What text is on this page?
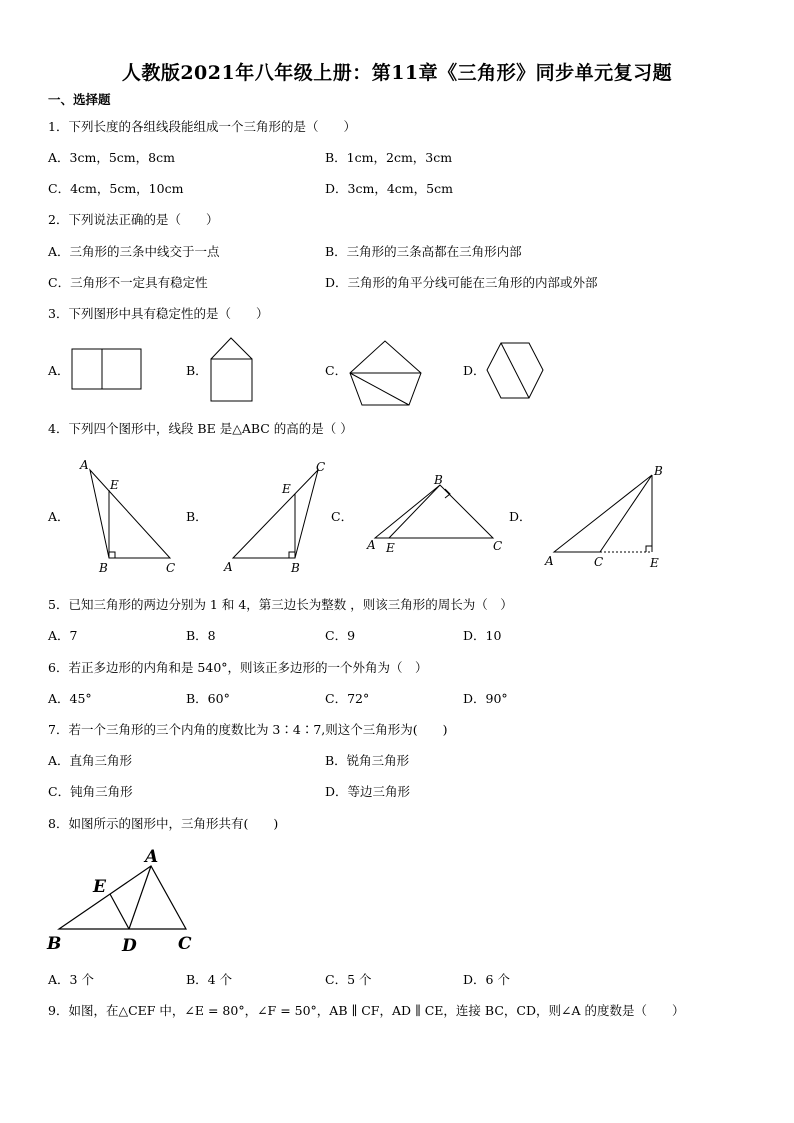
人教版2021年八年级上册：第11章《三角形》同步单元复习题
一、选择题
1．下列长度的各组线段能组成一个三角形的是（　　）
A．3cm，5cm，8cm	B．1cm，2cm，3cm
C．4cm，5cm，10cm	D．3cm，4cm，5cm
2．下列说法正确的是（　　）
A．三角形的三条中线交于一点	B．三角形的三条高都在三角形内部
C．三角形不一定具有稳定性	D．三角形的角平分线可能在三角形的内部或外部
3．下列图形中具有稳定性的是（　　）
A．	B．	C．	D．
4．下列四个图形中，线段 BE 是△ABC 的高的是（ ）
A．	B．	C．	D．
A
E
B	C
C
E
A	B
B
A E	C
B
A	C	E
5．已知三角形的两边分别为 1 和 4，第三边长为整数 ，则该三角形的周长为（　）
A．7	B．8	C．9	D．10
6．若正多边形的内角和是 540°，则该正多边形的一个外角为（　）
A．45°	B．60°	C．72°	D．90°
7．若一个三角形的三个内角的度数比为 3∶4∶7,则这个三角形为(　　)
A．直角三角形	B．锐角三角形
C．钝角三角形	D．等边三角形
8．如图所示的图形中，三角形共有(　　)
A
E
B	D C
A．3 个	B．4 个	C．5 个	D．6 个
9．如图，在△CEF 中，∠E = 80°，∠F = 50°，AB ∥ CF，AD ∥ CE，连接 BC，CD，则∠A 的度数是（　　）
